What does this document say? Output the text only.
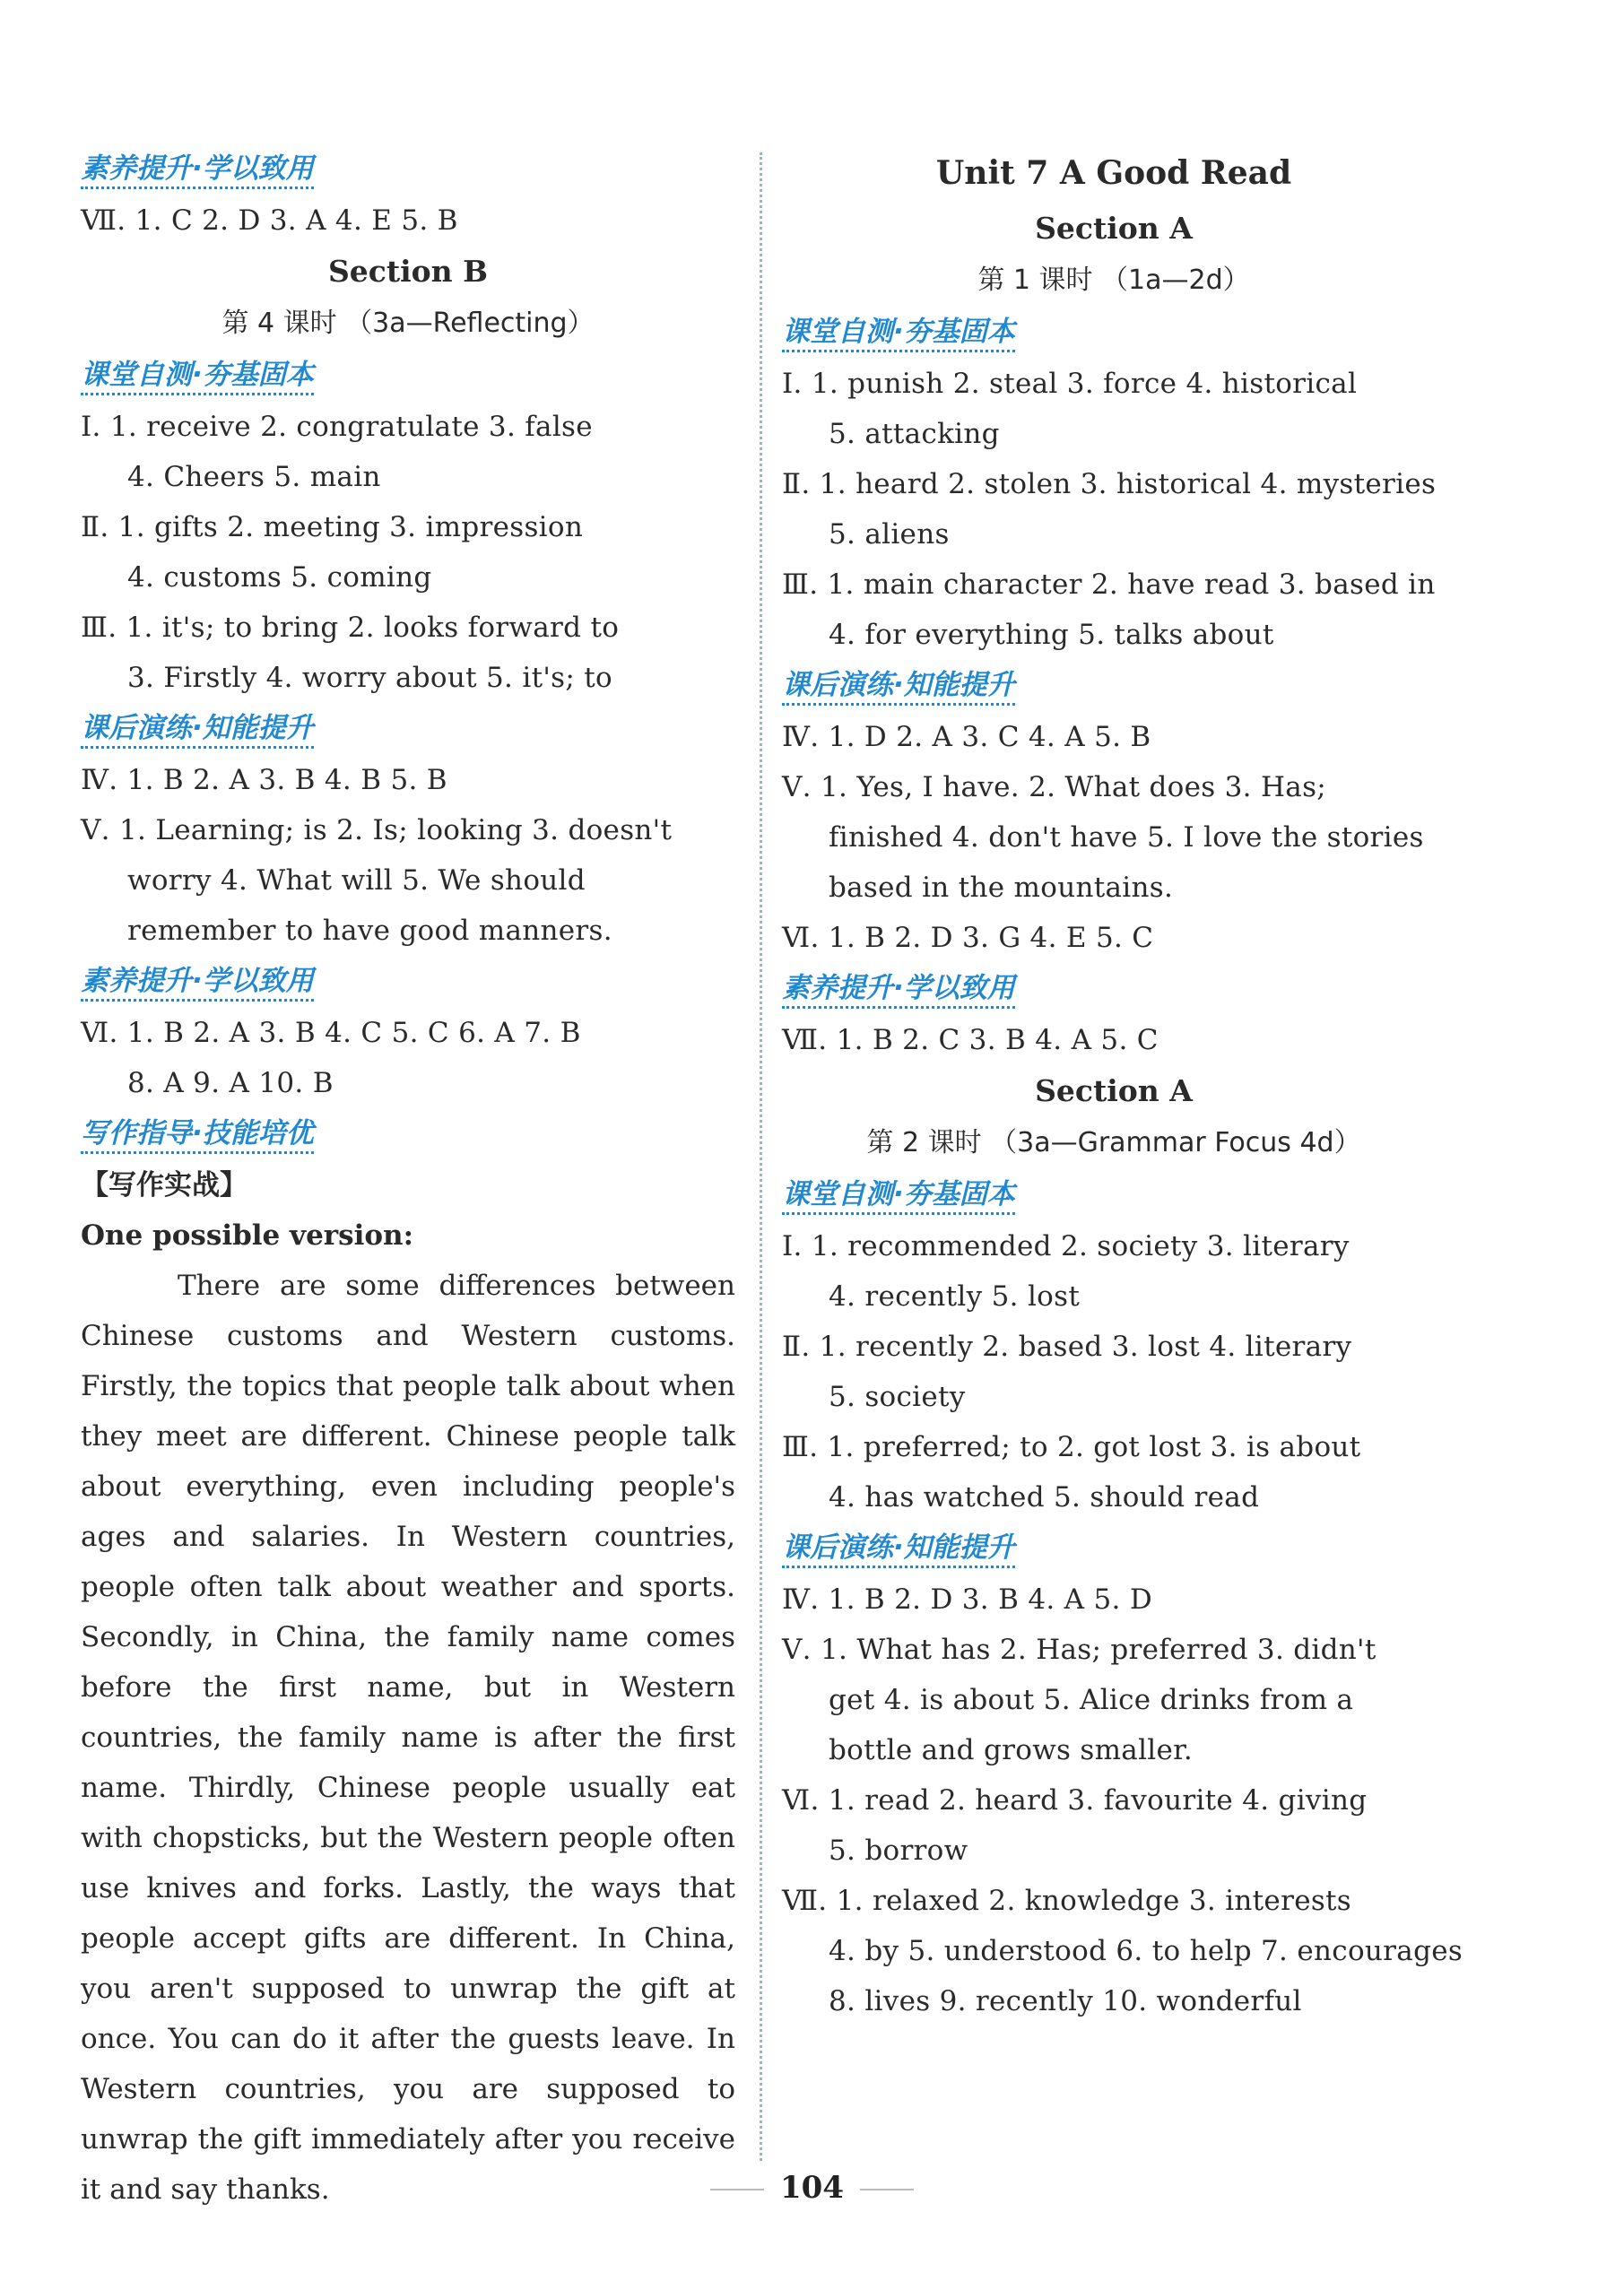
素养提升·学以致用
Ⅶ. 1. C 2. D 3. A 4. E 5. B
Section B
第 4 课时 （3a—Reflecting）
课堂自测·夯基固本
Ⅰ. 1. receive 2. congratulate 3. false
4. Cheers 5. main
Ⅱ. 1. gifts 2. meeting 3. impression
4. customs 5. coming
Ⅲ. 1. it's; to bring 2. looks forward to
3. Firstly 4. worry about 5. it's; to
课后演练·知能提升
Ⅳ. 1. B 2. A 3. B 4. B 5. B
Ⅴ. 1. Learning; is 2. Is; looking 3. doesn't
worry 4. What will 5. We should
remember to have good manners.
素养提升·学以致用
Ⅵ. 1. B 2. A 3. B 4. C 5. C 6. A 7. B
8. A 9. A 10. B
写作指导·技能培优
【写作实战】
One possible version:

There are some differences between Chinese customs and Western customs. Firstly, the topics that people talk about when they meet are different. Chinese people talk about everything, even including people's ages and salaries. In Western countries, people often talk about weather and sports. Secondly, in China, the family name comes before the first name, but in Western countries, the family name is after the first name. Thirdly, Chinese people usually eat with chopsticks, but the Western people often use knives and forks. Lastly, the ways that people accept gifts are different. In China, you aren't supposed to unwrap the gift at once. You can do it after the guests leave. In Western countries, you are supposed to unwrap the gift immediately after you receive it and say thanks.

Unit 7 A Good Read
Section A
第 1 课时 （1a—2d）
课堂自测·夯基固本
Ⅰ. 1. punish 2. steal 3. force 4. historical
5. attacking
Ⅱ. 1. heard 2. stolen 3. historical 4. mysteries
5. aliens
Ⅲ. 1. main character 2. have read 3. based in
4. for everything 5. talks about
课后演练·知能提升
Ⅳ. 1. D 2. A 3. C 4. A 5. B
Ⅴ. 1. Yes, I have. 2. What does 3. Has;
finished 4. don't have 5. I love the stories
based in the mountains.
Ⅵ. 1. B 2. D 3. G 4. E 5. C
素养提升·学以致用
Ⅶ. 1. B 2. C 3. B 4. A 5. C
Section A
第 2 课时 （3a—Grammar Focus 4d）
课堂自测·夯基固本
Ⅰ. 1. recommended 2. society 3. literary
4. recently 5. lost
Ⅱ. 1. recently 2. based 3. lost 4. literary
5. society
Ⅲ. 1. preferred; to 2. got lost 3. is about
4. has watched 5. should read
课后演练·知能提升
Ⅳ. 1. B 2. D 3. B 4. A 5. D
Ⅴ. 1. What has 2. Has; preferred 3. didn't
get 4. is about 5. Alice drinks from a
bottle and grows smaller.
Ⅵ. 1. read 2. heard 3. favourite 4. giving
5. borrow
Ⅶ. 1. relaxed 2. knowledge 3. interests
4. by 5. understood 6. to help 7. encourages
8. lives 9. recently 10. wonderful
104
